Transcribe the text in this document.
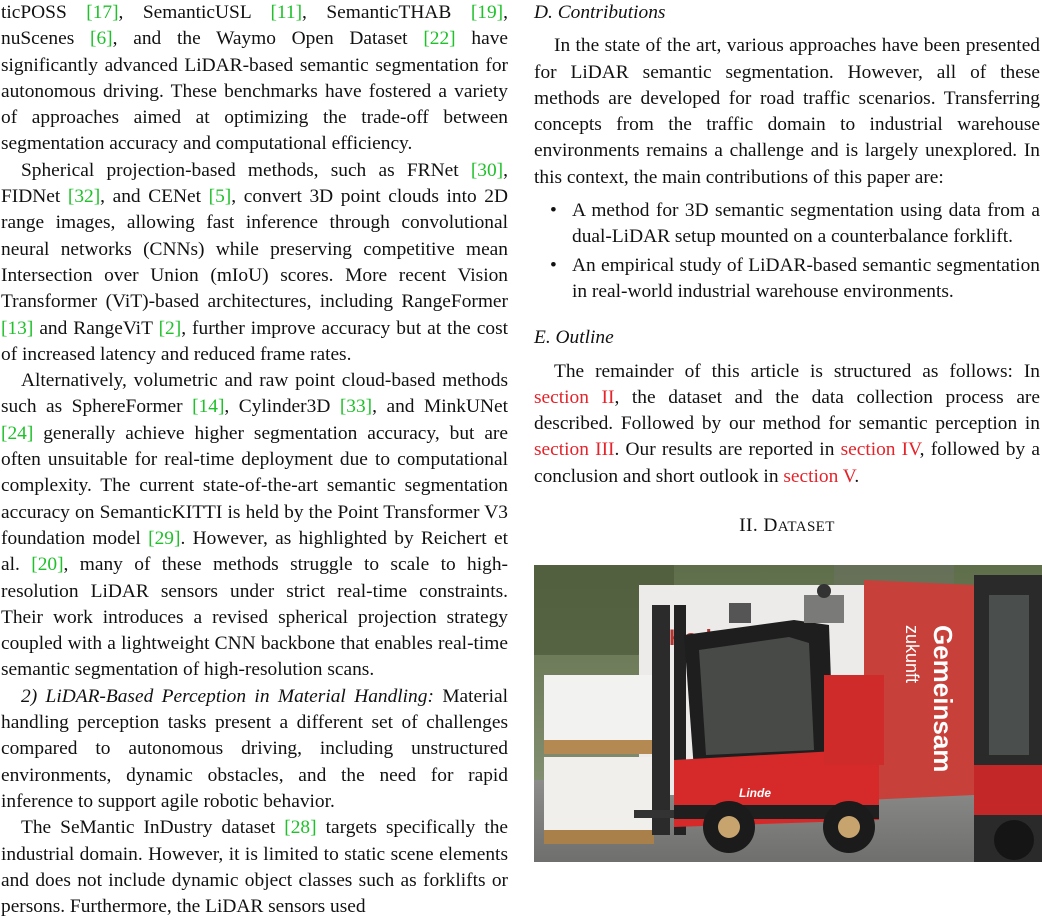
ticPOSS [17], SemanticUSL [11], SemanticTHAB [19], nuScenes [6], and the Waymo Open Dataset [22] have significantly advanced LiDAR-based semantic segmentation for autonomous driving. These benchmarks have fostered a variety of approaches aimed at optimizing the trade-off between segmentation accuracy and computational efficiency.

Spherical projection-based methods, such as FRNet [30], FIDNet [32], and CENet [5], convert 3D point clouds into 2D range images, allowing fast inference through convolutional neural networks (CNNs) while preserving competitive mean Intersection over Union (mIoU) scores. More recent Vision Transformer (ViT)-based architectures, including RangeFormer [13] and RangeViT [2], further improve accuracy but at the cost of increased latency and reduced frame rates.

Alternatively, volumetric and raw point cloud-based methods such as SphereFormer [14], Cylinder3D [33], and MinkUNet [24] generally achieve higher segmentation accuracy, but are often unsuitable for real-time deployment due to computational complexity. The current state-of-the-art semantic segmentation accuracy on SemanticKITTI is held by the Point Transformer V3 foundation model [29]. However, as highlighted by Reichert et al. [20], many of these methods struggle to scale to high-resolution LiDAR sensors under strict real-time constraints. Their work introduces a revised spherical projection strategy coupled with a lightweight CNN backbone that enables real-time semantic segmentation of high-resolution scans.

2) LiDAR-Based Perception in Material Handling: Material handling perception tasks present a different set of challenges compared to autonomous driving, including unstructured environments, dynamic obstacles, and the need for rapid inference to support agile robotic behavior.

The SeMantic InDustry dataset [28] targets specifically the industrial domain. However, it is limited to static scene elements and does not include dynamic object classes such as forklifts or persons. Furthermore, the LiDAR sensors used

D. Contributions

In the state of the art, various approaches have been presented for LiDAR semantic segmentation. However, all of these methods are developed for road traffic scenarios. Transferring concepts from the traffic domain to industrial warehouse environments remains a challenge and is largely unexplored. In this context, the main contributions of this paper are:

• A method for 3D semantic segmentation using data from a dual-LiDAR setup mounted on a counterbalance forklift.
• An empirical study of LiDAR-based semantic segmentation in real-world industrial warehouse environments.

E. Outline

The remainder of this article is structured as follows: In section II, the dataset and the data collection process are described. Followed by our method for semantic perception in section III. Our results are reported in section IV, followed by a conclusion and short outlook in section V.

II. DATASET

Gemeinsam
zukunft
Linde
